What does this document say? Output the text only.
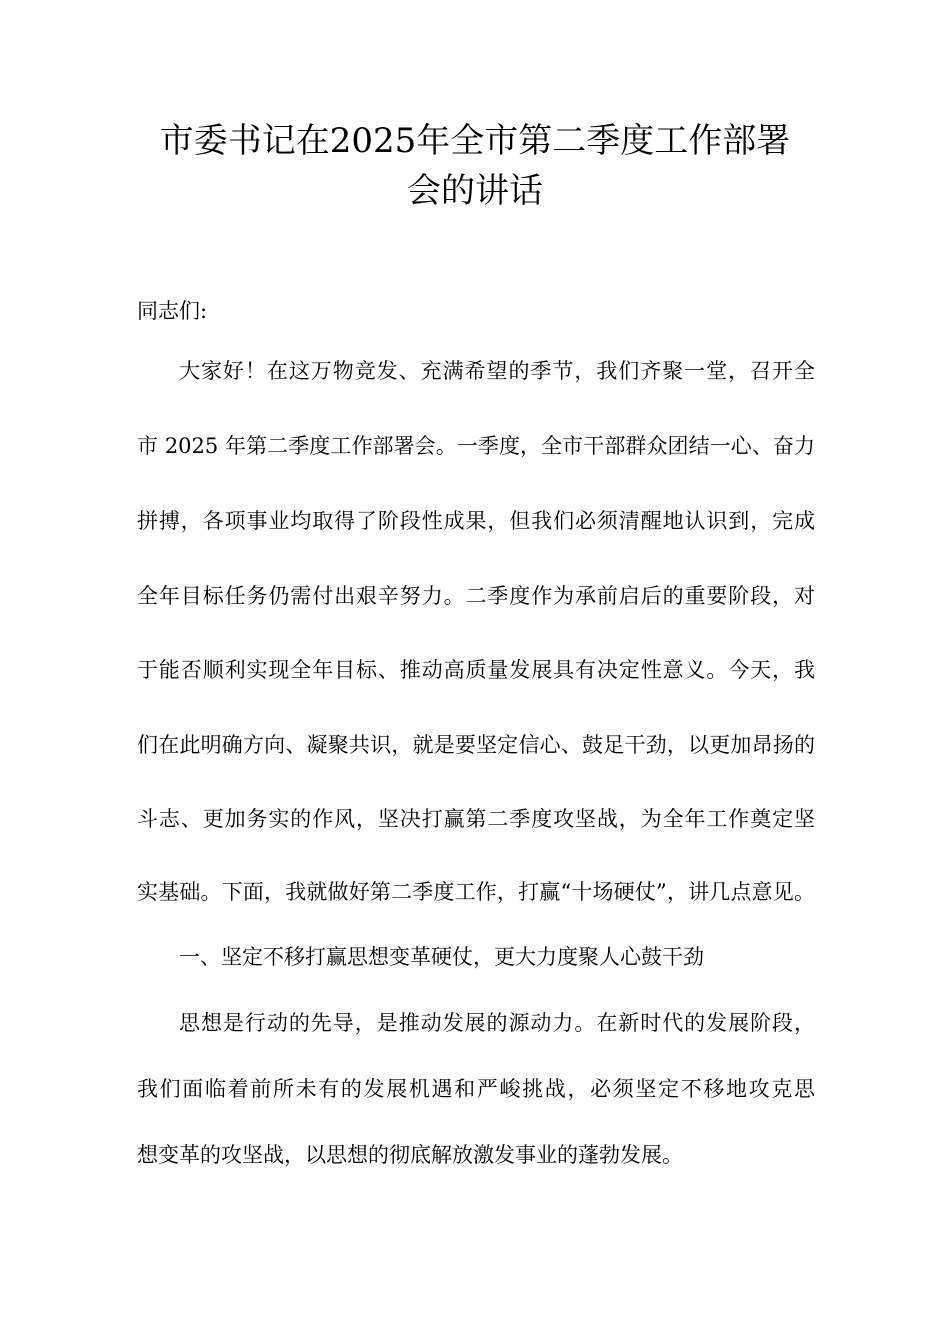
市委书记在2025年全市第二季度工作部署
会的讲话
同志们:
大家好！在这万物竞发、充满希望的季节，我们齐聚一堂，召开全
市 2025 年第二季度工作部署会。一季度，全市干部群众团结一心、奋力
拼搏，各项事业均取得了阶段性成果，但我们必须清醒地认识到，完成
全年目标任务仍需付出艰辛努力。二季度作为承前启后的重要阶段，对
于能否顺利实现全年目标、推动高质量发展具有决定性意义。今天，我
们在此明确方向、凝聚共识，就是要坚定信心、鼓足干劲，以更加昂扬的
斗志、更加务实的作风，坚决打赢第二季度攻坚战，为全年工作奠定坚
实基础。下面，我就做好第二季度工作，打赢“十场硬仗”，讲几点意见。
一、坚定不移打赢思想变革硬仗，更大力度聚人心鼓干劲
思想是行动的先导，是推动发展的源动力。在新时代的发展阶段，
我们面临着前所未有的发展机遇和严峻挑战，必须坚定不移地攻克思
想变革的攻坚战，以思想的彻底解放激发事业的蓬勃发展。
